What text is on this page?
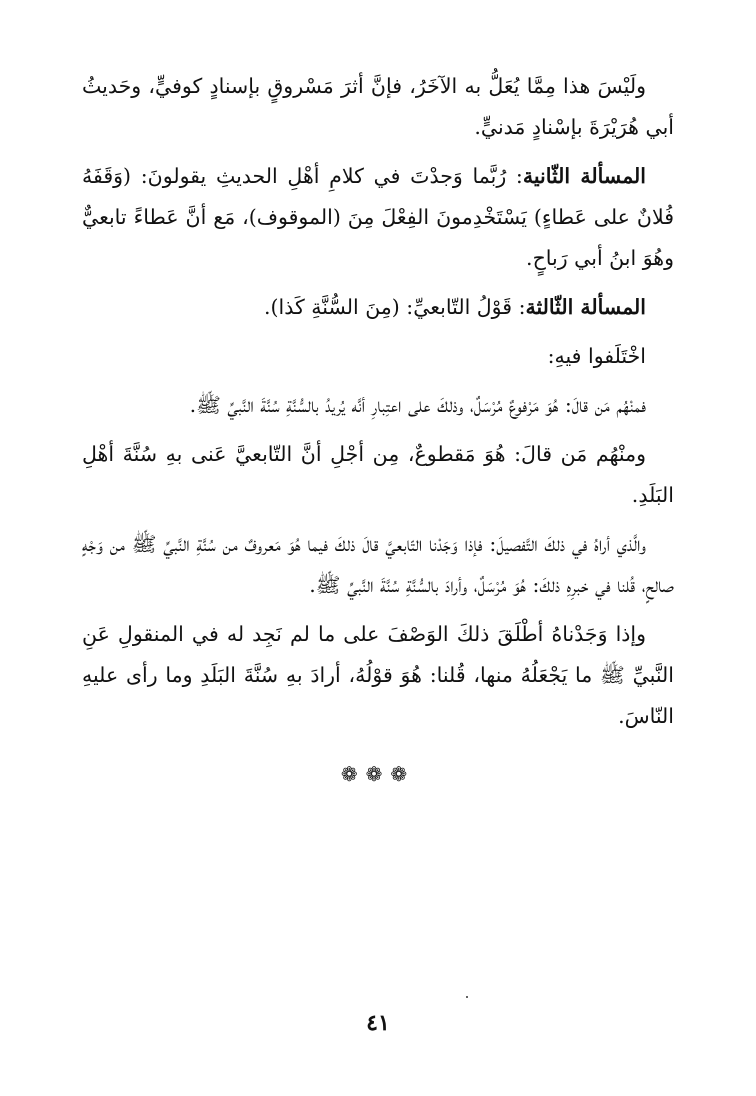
ولَيْسَ هذا مِمَّا يُعَلُّ به الآخَرُ، فإنَّ أثرَ مَسْروقٍ بإسنادٍ كوفيٍّ، وحَديثُ أبي هُرَيْرَةَ بإسْنادٍ مَدنيٍّ.

المسألة الثّانية: رُبَّما وَجدْتَ في كلامِ أهْلِ الحديثِ يقولونَ: (وَقَفَهُ فُلانٌ على عَطاءٍ) يَسْتَخْدِمونَ الفِعْلَ مِنَ (الموقوف)، مَع أنَّ عَطاءً تابعيٌّ وهُوَ ابنُ أبي رَباحٍ.

المسألة الثّالثة: قَوْلُ التّابعيِّ: (مِنَ السُّنَّةِ كَذا).

اخْتَلَفوا فيهِ:

فمنْهُم مَن قالَ: هُوَ مَرْفوعٌ مُرْسَلٌ، وذلكَ على اعتِبارِ أنَّه يُريدُ بالسُّنَّةِ سُنَّةَ النَّبيِّ ﷺ.

ومنْهُم مَن قالَ: هُوَ مَقطوعٌ، مِن أجْلِ أنَّ التّابعيَّ عَنى بهِ سُنَّةَ أهْلِ البَلَدِ.

والَّذي أراهُ في ذلكَ التَّفصيلَ: فإذا وَجَدْنا التّابعيَّ قالَ ذلكَ فيما هُوَ مَعروفٌ من سُنَّةِ النَّبيِّ ﷺ من وَجْهٍ صالحٍ، قُلنا في خبرِهِ ذلكَ: هُوَ مُرْسَلٌ، وأرادَ بالسُّنَّةِ سُنَّةَ النَّبيِّ ﷺ.

وإذا وَجَدْناهُ أطْلَقَ ذلكَ الوَصْفَ على ما لم نَجِد له في المنقولِ عَنِ النَّبيِّ ﷺ ما يَجْعَلُهُ منها، قُلنا: هُوَ قوْلُهُ، أرادَ بهِ سُنَّةَ البَلَدِ وما رأى عليهِ النّاسَ.

❁❁❁
٤١
